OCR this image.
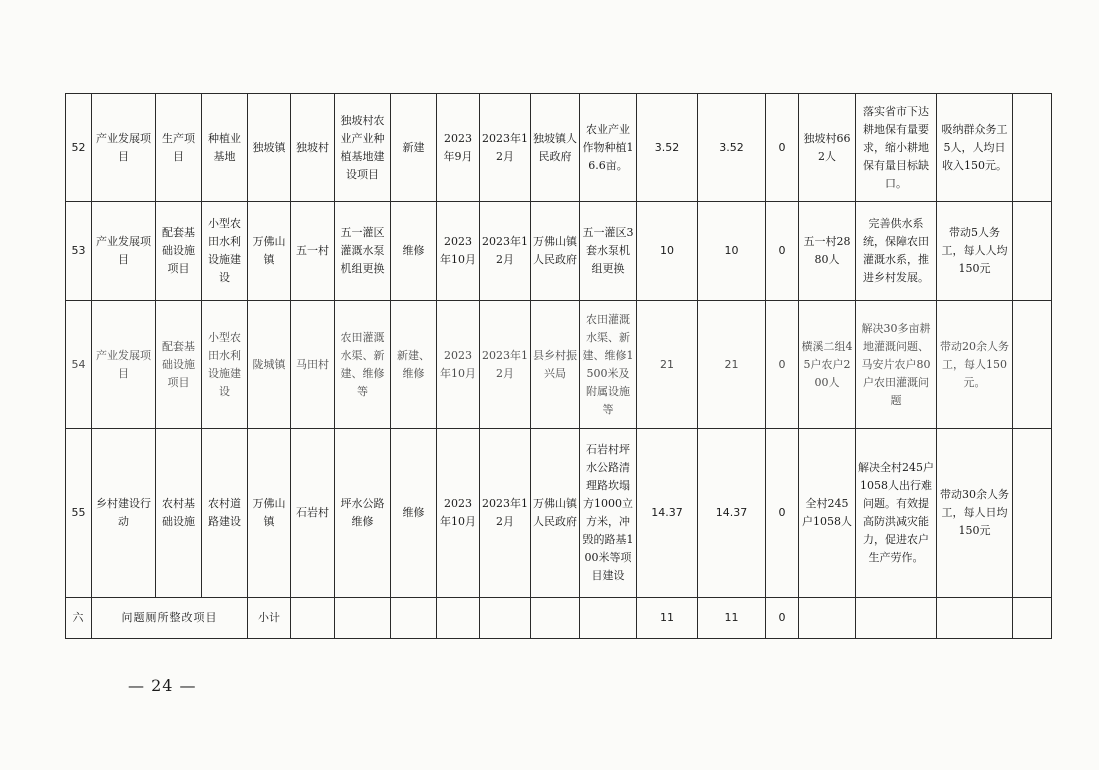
52	产业发展项目	生产项目	种植业基地	独坡镇	独坡村	独坡村农业产业种植基地建设项目	新建	2023年9月	2023年12月	独坡镇人民政府	农业产业作物种植16.6亩。	3.52	3.52	0	独坡村662人	落实省市下达耕地保有量要求，缩小耕地保有量目标缺口。	吸纳群众务工5人，人均日收入150元。	
53	产业发展项目	配套基础设施项目	小型农田水利设施建设	万佛山镇	五一村	五一灌区灌溉水泵机组更换	维修	2023年10月	2023年12月	万佛山镇人民政府	五一灌区3套水泵机组更换	10	10	0	五一村2880人	完善供水系统，保障农田灌溉水系，推进乡村发展。	带动5人务工，每人人均150元	
54	产业发展项目	配套基础设施项目	小型农田水利设施建设	陇城镇	马田村	农田灌溉水渠、新建、维修等	新建、维修	2023年10月	2023年12月	县乡村振兴局	农田灌溉水渠、新建、维修1500米及附属设施等	21	21	0	横溪二组45户农户200人	解决30多亩耕地灌溉问题、马安片农户80户农田灌溉问题	带动20余人务工，每人150元。	
55	乡村建设行动	农村基础设施	农村道路建设	万佛山镇	石岩村	坪水公路维修	维修	2023年10月	2023年12月	万佛山镇人民政府	石岩村坪水公路清理路坎塌方1000立方米，冲毁的路基100米等项目建设	14.37	14.37	0	全村245户1058人	解决全村245户1058人出行难问题。有效提高防洪减灾能力，促进农户生产劳作。	带动30余人务工，每人日均150元	
六	问题厕所整改项目			小计								11	11	0				
— 24 —
